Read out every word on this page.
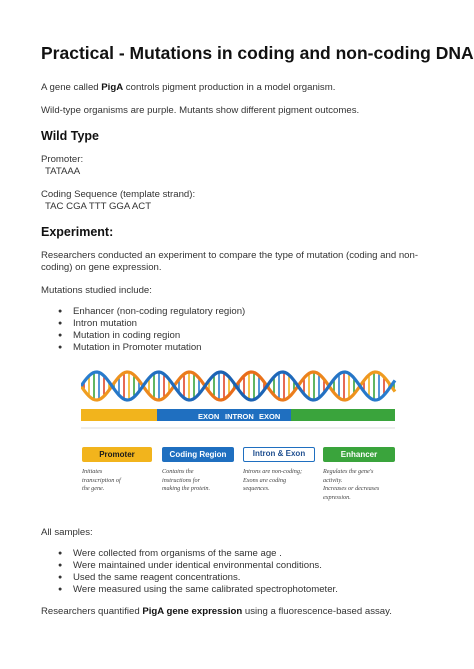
Practical - Mutations in coding and non-coding DNA

A gene called PigA controls pigment production in a model organism.

Wild-type organisms are purple. Mutants show different pigment outcomes.

Wild Type

Promoter:

TATAAA

Coding Sequence (template strand):

TAC CGA TTT GGA ACT

Experiment:

Researchers conducted an experiment to compare the type of mutation (coding and non-coding) on gene expression.

Mutations studied include:

● Enhancer (non-coding regulatory region)
● Intron mutation
● Mutation in coding region
● Mutation in Promoter mutation
EXON INTRON EXON
Promoter	Coding Region	Intron & Exon	Enhancer
Initiates
transcription of
the gene.
Contains the
instructions for
making the protein.
Introns are non-coding;
Exons are coding
sequences.
Regulates the gene's
activity.
Increases or decreases
expression.

All samples:

● Were collected from organisms of the same age .
● Were maintained under identical environmental conditions.
● Used the same reagent concentrations.
● Were measured using the same calibrated spectrophotometer.

Researchers quantified PigA gene expression using a fluorescence-based assay.
